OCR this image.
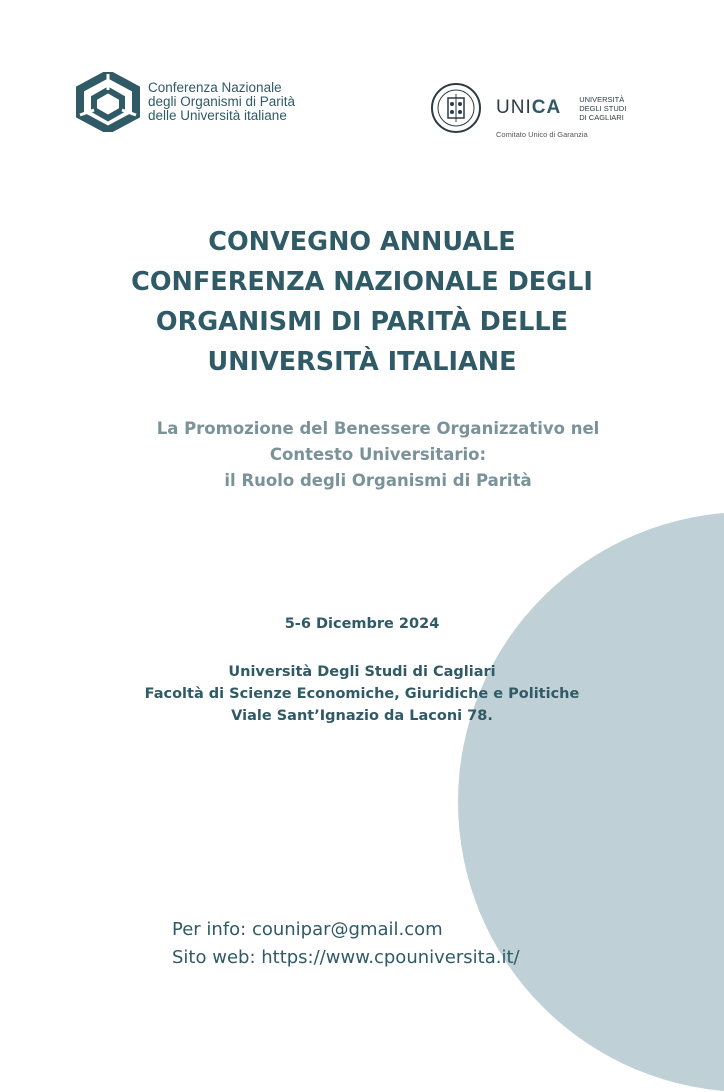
Conferenza Nazionale
degli Organismi di Parità
delle Università italiane	UNICA UNIVERSITÀ
DEGLI STUDI
DI CAGLIARI
Comitato Unico di Garanzia
CONVEGNO ANNUALE
CONFERENZA NAZIONALE DEGLI
ORGANISMI DI PARITÀ DELLE
UNIVERSITÀ ITALIANE
La Promozione del Benessere Organizzativo nel
Contesto Universitario:
il Ruolo degli Organismi di Parità
5-6 Dicembre 2024
Università Degli Studi di Cagliari
Facoltà di Scienze Economiche, Giuridiche e Politiche
Viale Sant’Ignazio da Laconi 78.
Per info: counipar@gmail.com
Sito web: https://www.cpouniversita.it/
